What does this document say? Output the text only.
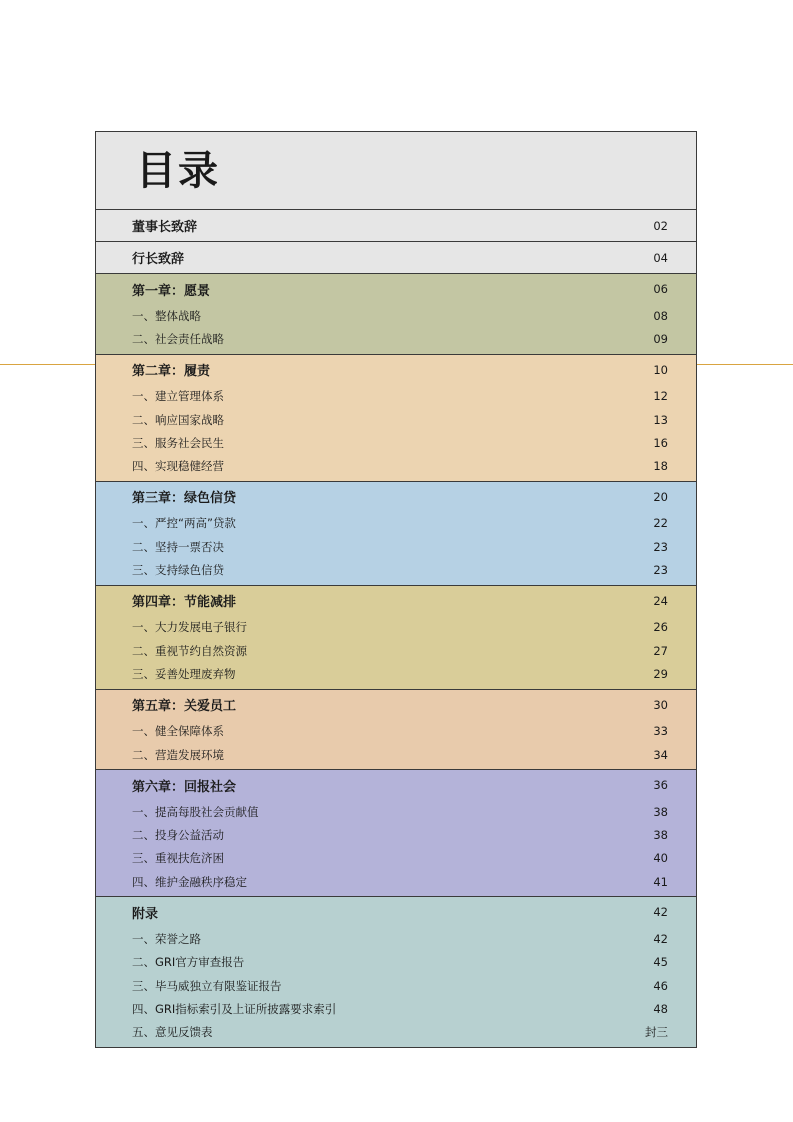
目录
董事长致辞	02
行长致辞	04
第一章：愿景	06
一、整体战略	08
二、社会责任战略	09
第二章：履责	10
一、建立管理体系	12
二、响应国家战略	13
三、服务社会民生	16
四、实现稳健经营	18
第三章：绿色信贷	20
一、严控“两高”贷款	22
二、坚持一票否决	23
三、支持绿色信贷	23
第四章：节能减排	24
一、大力发展电子银行	26
二、重视节约自然资源	27
三、妥善处理废弃物	29
第五章：关爱员工	30
一、健全保障体系	33
二、营造发展环境	34
第六章：回报社会	36
一、提高每股社会贡献值	38
二、投身公益活动	38
三、重视扶危济困	40
四、维护金融秩序稳定	41
附录	42
一、荣誉之路	42
二、GRI官方审查报告	45
三、毕马威独立有限鉴证报告	46
四、GRI指标索引及上证所披露要求索引	48
五、意见反馈表	封三
